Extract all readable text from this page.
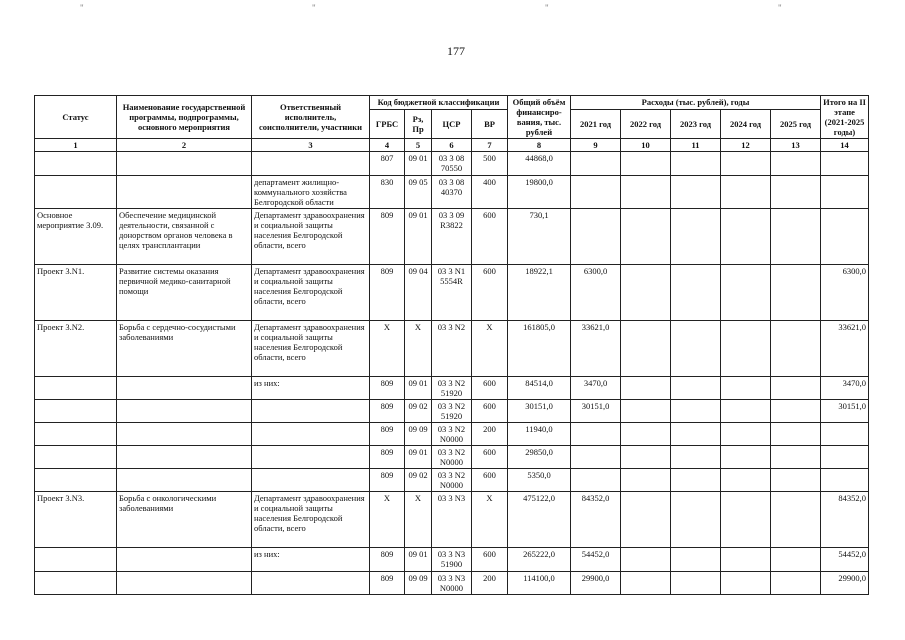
"	"	"	"
177
Статус	Наименование государственной программы, подпрограммы, основного мероприятия	Ответственный исполнитель, соисполнители, участники	Код бюджетной классификации				Общий объём финансиро-вания, тыс. рублей	Расходы (тыс. рублей), годы					Итого на II этапе (2021-2025 годы)
			ГРБС	Рз, Пр	ЦСР	ВР		2021 год	2022 год	2023 год	2024 год	2025 год	
1	2	3	4	5	6	7	8	9	10	11	12	13	14
			807	09 01	03 3 08 70550	500	44868,0						
		департамент жилищно-коммунального хозяйства Белгородской области	830	09 05	03 3 08 40370	400	19800,0						
Основное мероприятие 3.09.	Обеспечение медицинской деятельности, связанной с донорством органов человека в целях трансплантации	Департамент здравоохранения и социальной защиты населения Белгородской области, всего	809	09 01	03 3 09 R3822	600	730,1						
Проект 3.N1.	Развитие системы оказания первичной медико-санитарной помощи	Департамент здравоохранения и социальной защиты населения Белгородской области, всего	809	09 04	03 3 N1 5554R	600	18922,1	6300,0					6300,0
Проект 3.N2.	Борьба с сердечно-сосудистыми заболеваниями	Департамент здравоохранения и социальной защиты населения Белгородской области, всего	Х	Х	03 3 N2	Х	161805,0	33621,0					33621,0
		из них:	809	09 01	03 3 N2 51920	600	84514,0	3470,0					3470,0
			809	09 02	03 3 N2 51920	600	30151,0	30151,0					30151,0
			809	09 09	03 3 N2 N0000	200	11940,0						
			809	09 01	03 3 N2 N0000	600	29850,0						
			809	09 02	03 3 N2 N0000	600	5350,0						
Проект 3.N3.	Борьба с онкологическими заболеваниями	Департамент здравоохранения и социальной защиты населения Белгородской области, всего	Х	Х	03 3 N3	Х	475122,0	84352,0					84352,0
		из них:	809	09 01	03 3 N3 51900	600	265222,0	54452,0					54452,0
			809	09 09	03 3 N3 N0000	200	114100,0	29900,0					29900,0
